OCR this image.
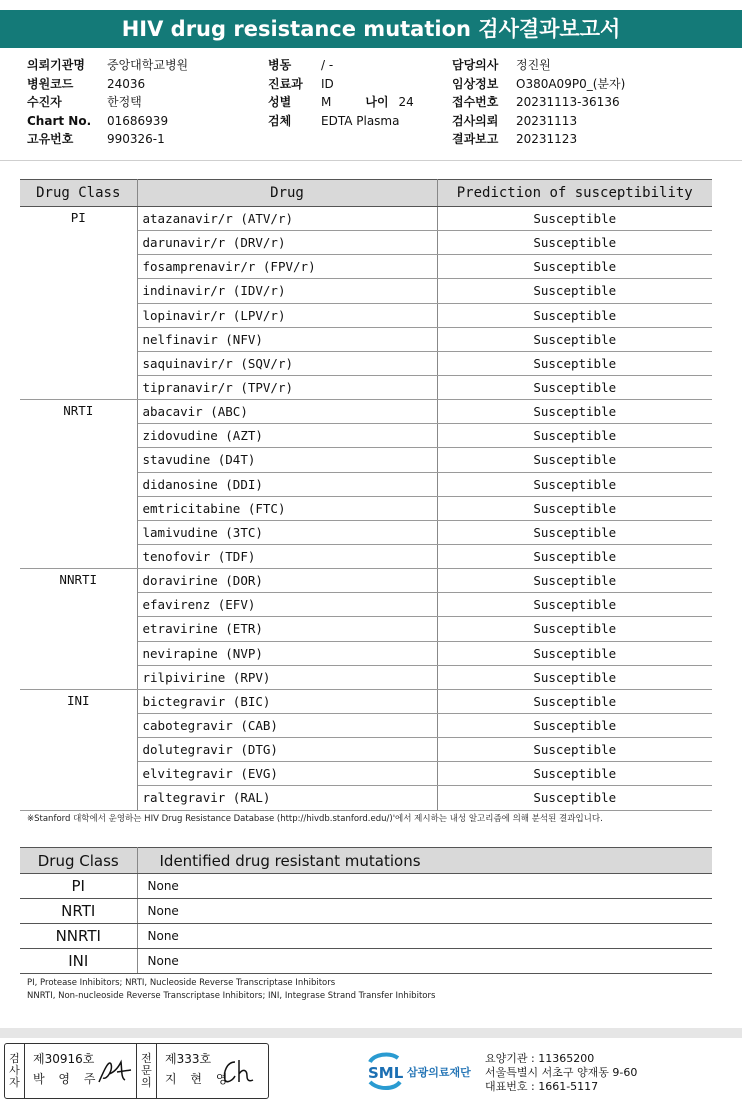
HIV drug resistance mutation 검사결과보고서
의뢰기관명 중앙대학교병원
병원코드	24036
수진자	한정택
Chart No. 01686939
고유번호	990326-1
병동 / -
진료과 ID
성별 M	나이 24
검체 EDTA Plasma
담당의사 정진원
임상정보 O380A09P0_(분자)
접수번호 20231113-36136
검사의뢰 20231113
결과보고 20231123
Drug Class	Drug	Prediction of susceptibility
PI	atazanavir/r (ATV/r)	Susceptible
	darunavir/r (DRV/r)	Susceptible
	fosamprenavir/r (FPV/r)	Susceptible
	indinavir/r (IDV/r)	Susceptible
	lopinavir/r (LPV/r)	Susceptible
	nelfinavir (NFV)	Susceptible
	saquinavir/r (SQV/r)	Susceptible
	tipranavir/r (TPV/r)	Susceptible
NRTI	abacavir (ABC)	Susceptible
	zidovudine (AZT)	Susceptible
	stavudine (D4T)	Susceptible
	didanosine (DDI)	Susceptible
	emtricitabine (FTC)	Susceptible
	lamivudine (3TC)	Susceptible
	tenofovir (TDF)	Susceptible
NNRTI	doravirine (DOR)	Susceptible
	efavirenz (EFV)	Susceptible
	etravirine (ETR)	Susceptible
	nevirapine (NVP)	Susceptible
	rilpivirine (RPV)	Susceptible
INI	bictegravir (BIC)	Susceptible
	cabotegravir (CAB)	Susceptible
	dolutegravir (DTG)	Susceptible
	elvitegravir (EVG)	Susceptible
	raltegravir (RAL)	Susceptible
※Stanford 대학에서 운영하는 HIV Drug Resistance Database (http://hivdb.stanford.edu/)'에서 제시하는 내성 알고리즘에 의해 분석된 결과입니다.
Drug Class	Identified drug resistant mutations
PI	None
NRTI	None
NNRTI	None
INI	None
PI, Protease Inhibitors; NRTI, Nucleoside Reverse Transcriptase Inhibitors
NNRTI, Non-nucleoside Reverse Transcriptase Inhibitors; INI, Integrase Strand Transfer Inhibitors
검
사
자
제30916호
박 영 주
전
문
의
제333호
지 현 영	SML 삼광의료재단
요양기관 : 11365200
서울특별시 서초구 양재동 9-60
대표번호 : 1661-5117
